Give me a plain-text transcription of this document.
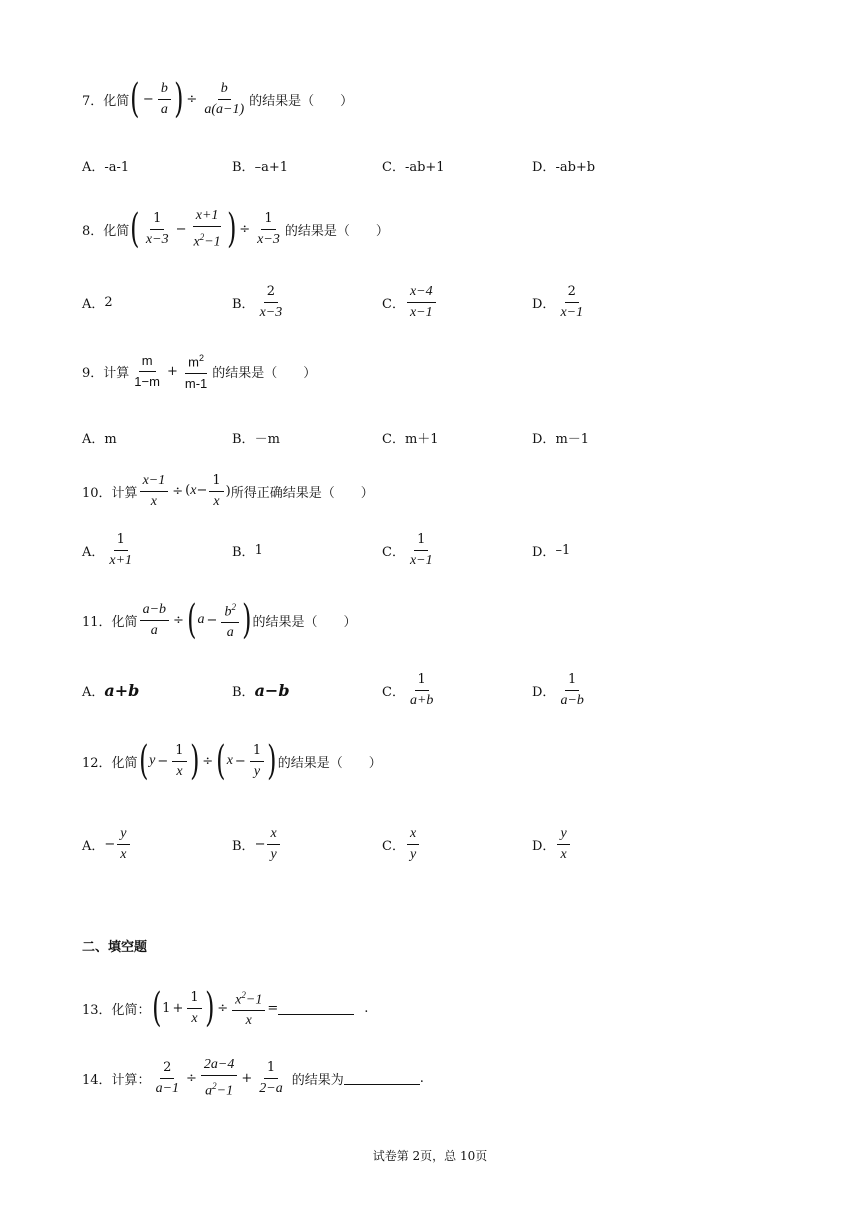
7． 化简 ( − $\frac{b}{a}$ ) ÷ $\frac{b}{a(a-1)}$ 的结果是（　　）
A．-a-1	B．–a+1	C．-ab+1	D．-ab+b
8． 化简 ( $\frac{1}{x-3} - \frac{x+1}{x^2-1}$ ) ÷ $\frac{1}{x-3}$ 的结果是（　　）
A． 2	B． $\frac{2}{x-3}$	C． $\frac{x-4}{x-1}$	D． $\frac{2}{x-1}$
9． 计算 $\frac{m}{1-m} + \frac{m^2}{m-1}$ 的结果是（　　）
A．m	B．－m	C．m＋1	D．m－1
10． 计算 $\frac{x-1}{x} \div (x- \frac{1}{x}$ ) 所得正确结果是（　　）
A． $\frac{1}{x+1}$	B． 1	C． $\frac{1}{x-1}$	D． –1
11． 化简 $\frac{a-b}{a}$ ÷ ( $a - \frac{b^2}{a}$ ) 的结果是（　　）
A． a+b	B． a−b	C． $\frac{1}{a+b}$	D． $\frac{1}{a-b}$
12． 化简 ( $y - \frac{1}{x}$ ) ÷ ( $x - \frac{1}{y}$ ) 的结果是（　　）
A． − $\frac{y}{x}$	B． − $\frac{x}{y}$	C． $\frac{x}{y}$	D． $\frac{y}{x}$
二、填空题
13． 化简： ( $1 + \frac{1}{x}$ ) ÷ $\frac{x^2-1}{x}$ =	.
14． 计算： $\frac{2}{a-1} \div \frac{2a-4}{a^2-1} + \frac{1}{2-a}$ 的结果为	.
试卷第 2页，总 10页
